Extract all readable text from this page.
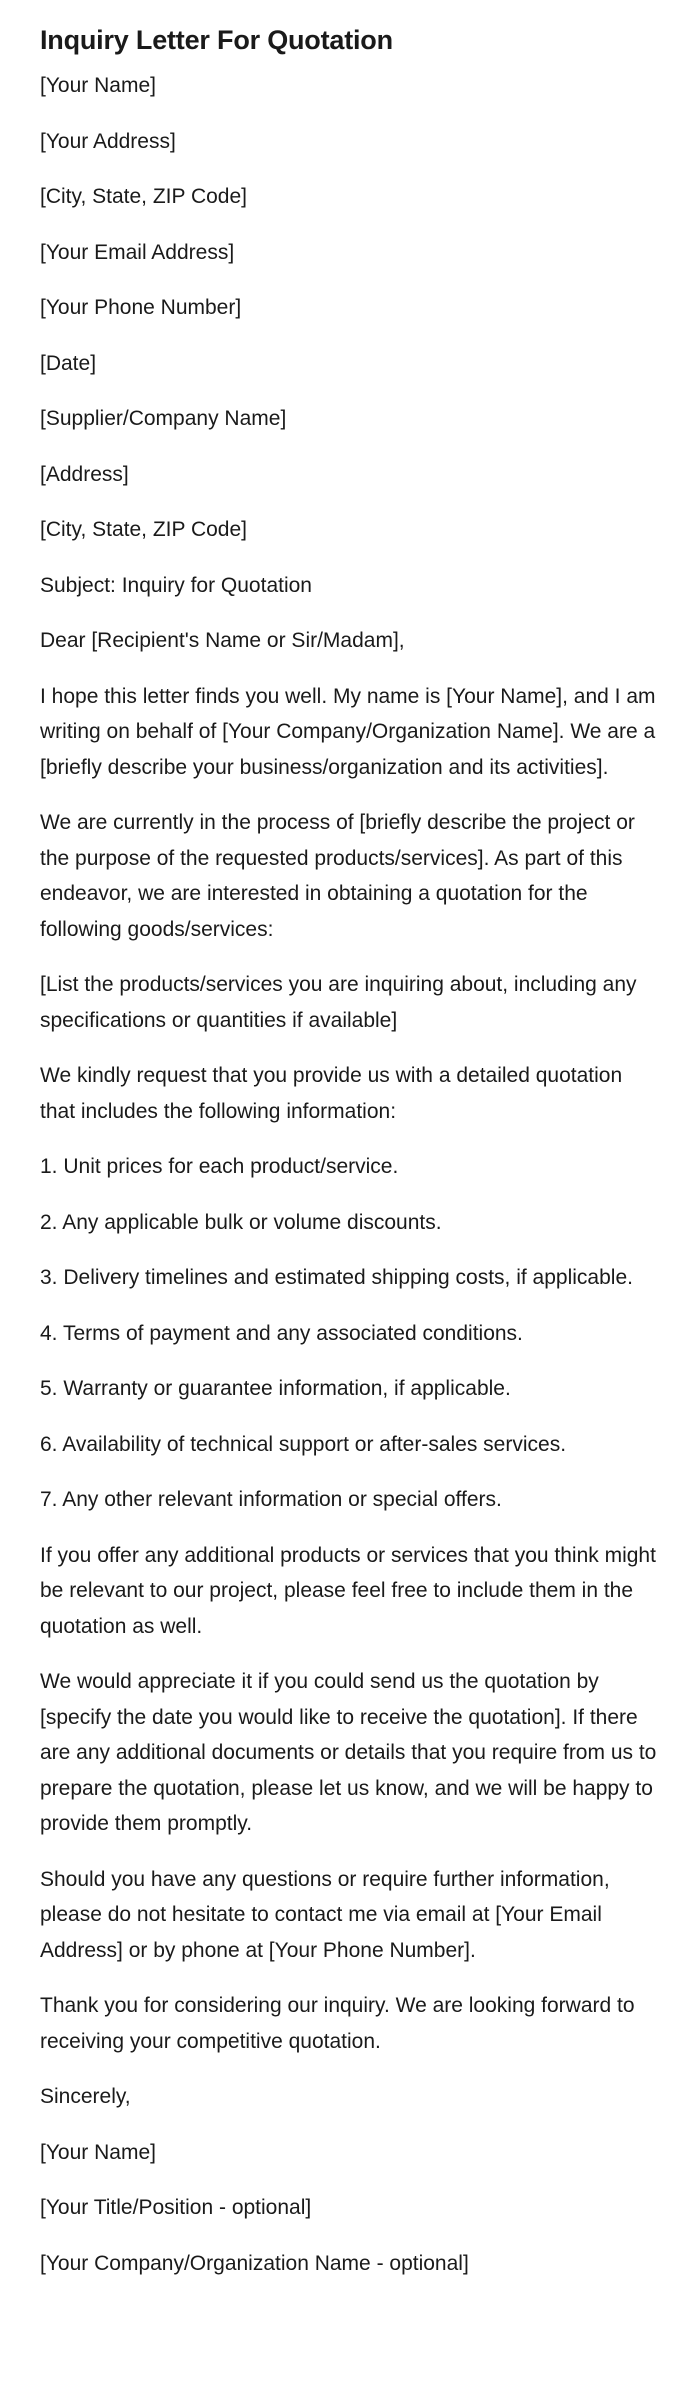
Inquiry Letter For Quotation
[Your Name]
[Your Address]
[City, State, ZIP Code]
[Your Email Address]
[Your Phone Number]
[Date]
[Supplier/Company Name]
[Address]
[City, State, ZIP Code]
Subject: Inquiry for Quotation
Dear [Recipient's Name or Sir/Madam],
I hope this letter finds you well. My name is [Your Name], and I am writing on behalf of [Your Company/Organization Name]. We are a [briefly describe your business/organization and its activities].
We are currently in the process of [briefly describe the project or the purpose of the requested products/services]. As part of this endeavor, we are interested in obtaining a quotation for the following goods/services:
[List the products/services you are inquiring about, including any specifications or quantities if available]
We kindly request that you provide us with a detailed quotation that includes the following information:
1. Unit prices for each product/service.
2. Any applicable bulk or volume discounts.
3. Delivery timelines and estimated shipping costs, if applicable.
4. Terms of payment and any associated conditions.
5. Warranty or guarantee information, if applicable.
6. Availability of technical support or after-sales services.
7. Any other relevant information or special offers.
If you offer any additional products or services that you think might be relevant to our project, please feel free to include them in the quotation as well.
We would appreciate it if you could send us the quotation by [specify the date you would like to receive the quotation]. If there are any additional documents or details that you require from us to prepare the quotation, please let us know, and we will be happy to provide them promptly.
Should you have any questions or require further information, please do not hesitate to contact me via email at [Your Email Address] or by phone at [Your Phone Number].
Thank you for considering our inquiry. We are looking forward to receiving your competitive quotation.
Sincerely,
[Your Name]
[Your Title/Position - optional]
[Your Company/Organization Name - optional]
